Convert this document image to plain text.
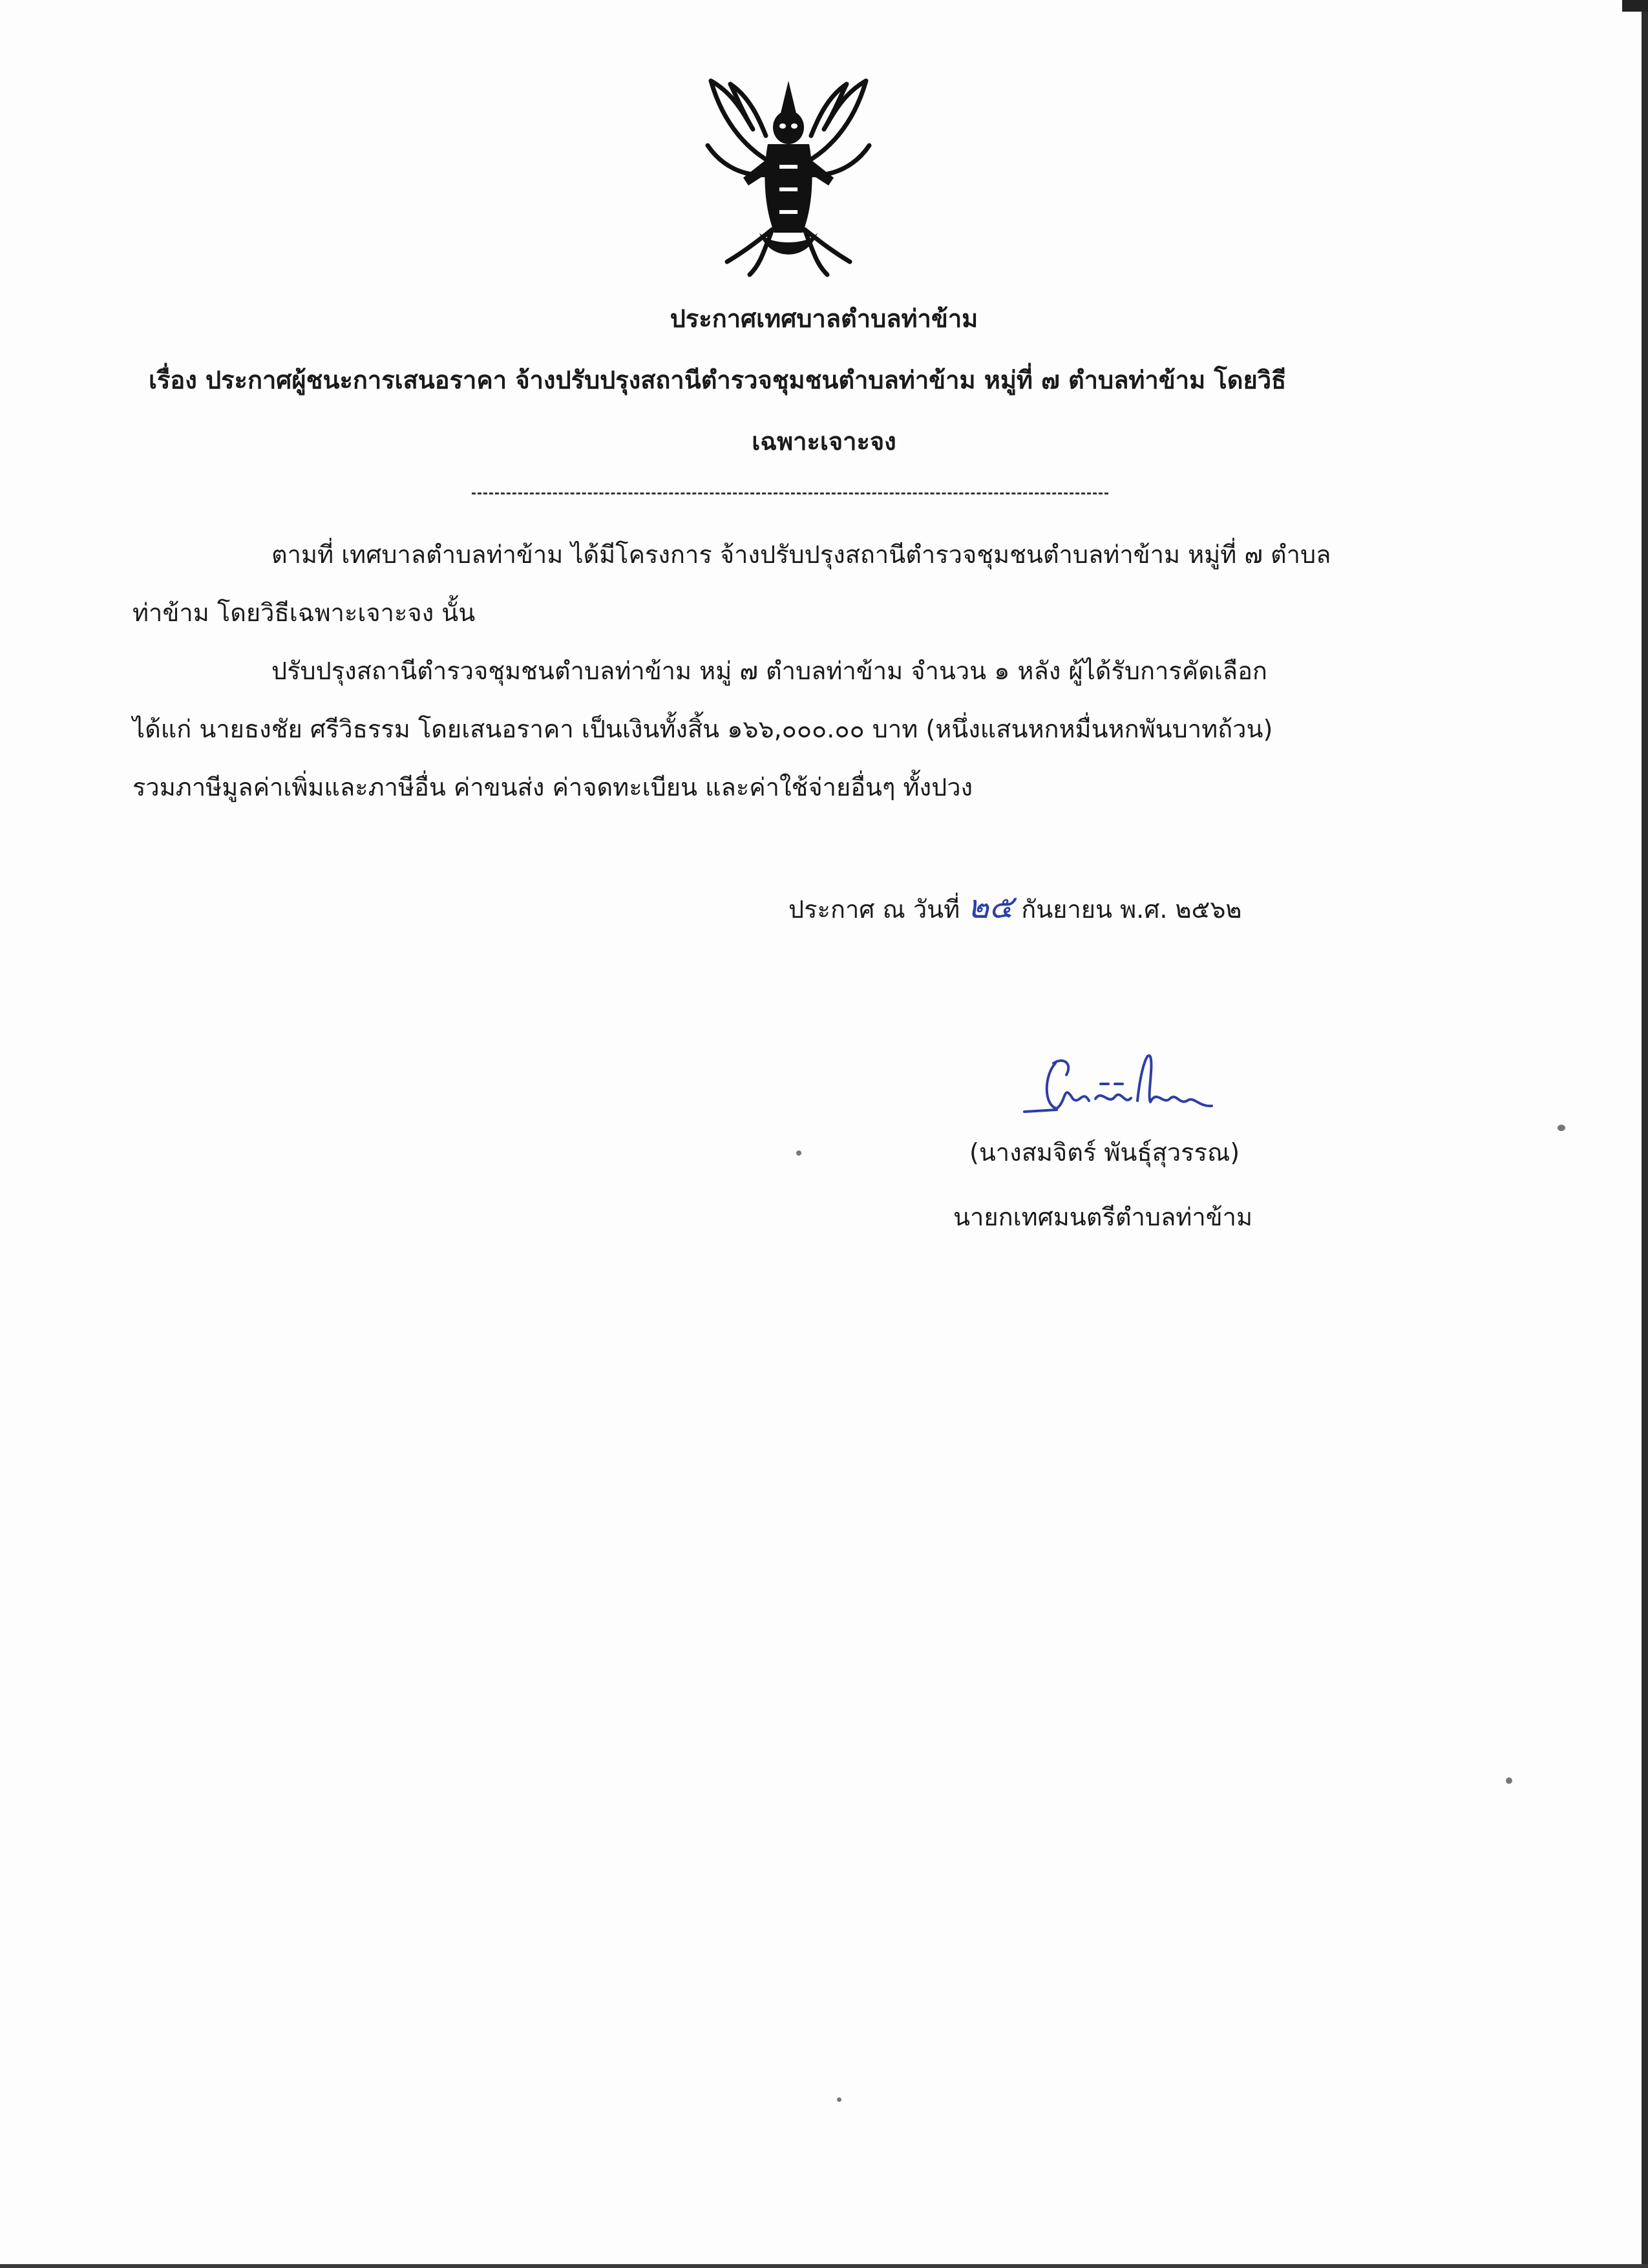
ประกาศเทศบาลตำบลท่าข้าม
เรื่อง ประกาศผู้ชนะการเสนอราคา จ้างปรับปรุงสถานีตำรวจชุมชนตำบลท่าข้าม หมู่ที่ ๗ ตำบลท่าข้าม โดยวิธี
เฉพาะเจาะจง
ตามที่ เทศบาลตำบลท่าข้าม ได้มีโครงการ จ้างปรับปรุงสถานีตำรวจชุมชนตำบลท่าข้าม หมู่ที่ ๗ ตำบล
ท่าข้าม โดยวิธีเฉพาะเจาะจง นั้น
ปรับปรุงสถานีตำรวจชุมชนตำบลท่าข้าม หมู่ ๗ ตำบลท่าข้าม จำนวน ๑ หลัง ผู้ได้รับการคัดเลือก
ได้แก่ นายธงชัย ศรีวิธรรม โดยเสนอราคา เป็นเงินทั้งสิ้น ๑๖๖,๐๐๐.๐๐ บาท (หนึ่งแสนหกหมื่นหกพันบาทถ้วน)
รวมภาษีมูลค่าเพิ่มและภาษีอื่น ค่าขนส่ง ค่าจดทะเบียน และค่าใช้จ่ายอื่นๆ ทั้งปวง
ประกาศ ณ วันที่ ๒๕ กันยายน พ.ศ. ๒๕๖๒
(นางสมจิตร์ พันธุ์สุวรรณ)
นายกเทศมนตรีตำบลท่าข้าม
